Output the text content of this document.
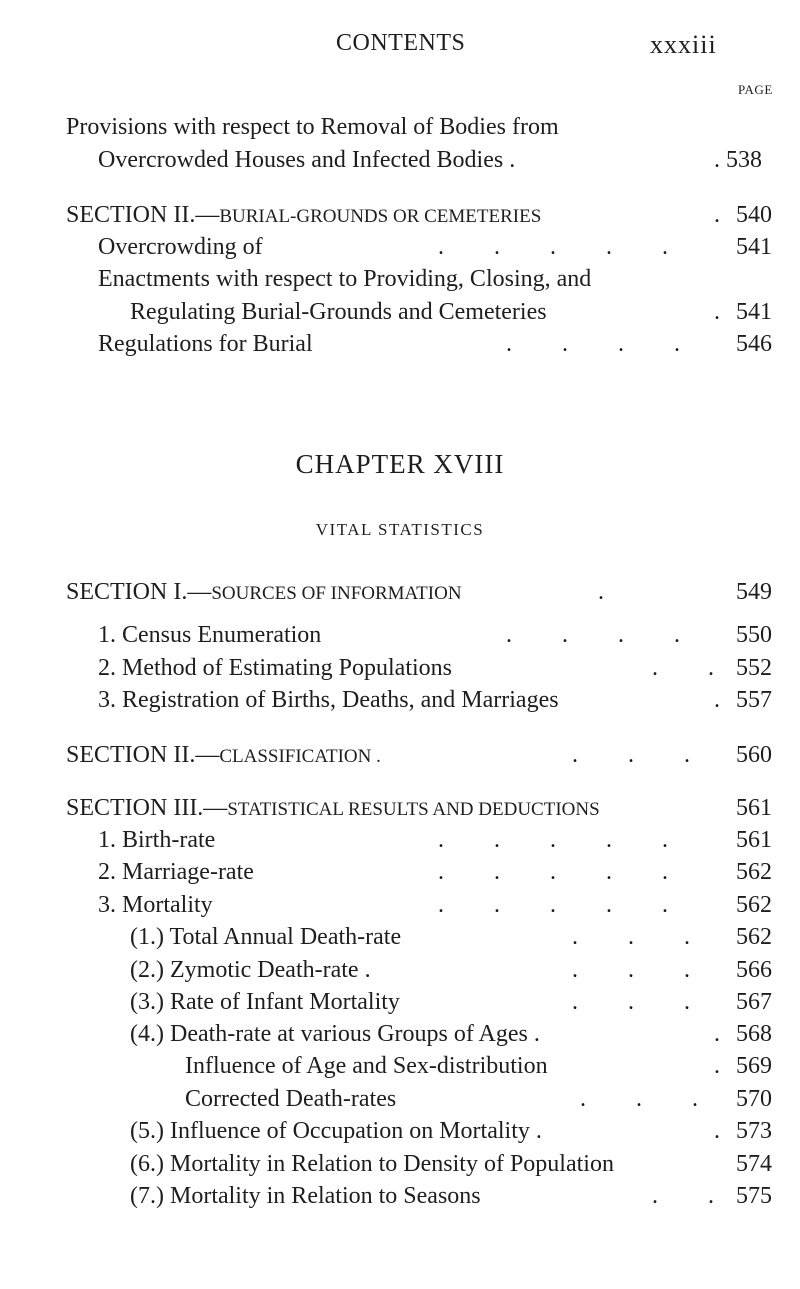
CONTENTS	xxxiii
PAGE
Provisions with respect to Removal of Bodies from
Overcrowded Houses and Infected Bodies .	. 538
SECTION II.—BURIAL-GROUNDS OR CEMETERIES	. 540
Overcrowding of	. . . . .	541
Enactments with respect to Providing, Closing, and
Regulating Burial-Grounds and Cemeteries	. 541
Regulations for Burial	. . . . 546
CHAPTER XVIII
VITAL STATISTICS
SECTION I.—SOURCES OF INFORMATION	.	549
1. Census Enumeration	. . . . 550
2. Method of Estimating Populations	. . 552
3. Registration of Births, Deaths, and Marriages	. 557
SECTION II.—CLASSIFICATION .	. . . 560
SECTION III.—STATISTICAL RESULTS AND DEDUCTIONS	561
1. Birth-rate	. . . . .	561
2. Marriage-rate	. . . . .	562
3. Mortality	. . . . .	562
(1.) Total Annual Death-rate	. . . 562
(2.) Zymotic Death-rate .	. . . 566
(3.) Rate of Infant Mortality	. . . 567
(4.) Death-rate at various Groups of Ages .	. 568
Influence of Age and Sex-distribution	. 569
Corrected Death-rates	. . . 570
(5.) Influence of Occupation on Mortality .	. 573
(6.) Mortality in Relation to Density of Population	574
(7.) Mortality in Relation to Seasons	. . 575
